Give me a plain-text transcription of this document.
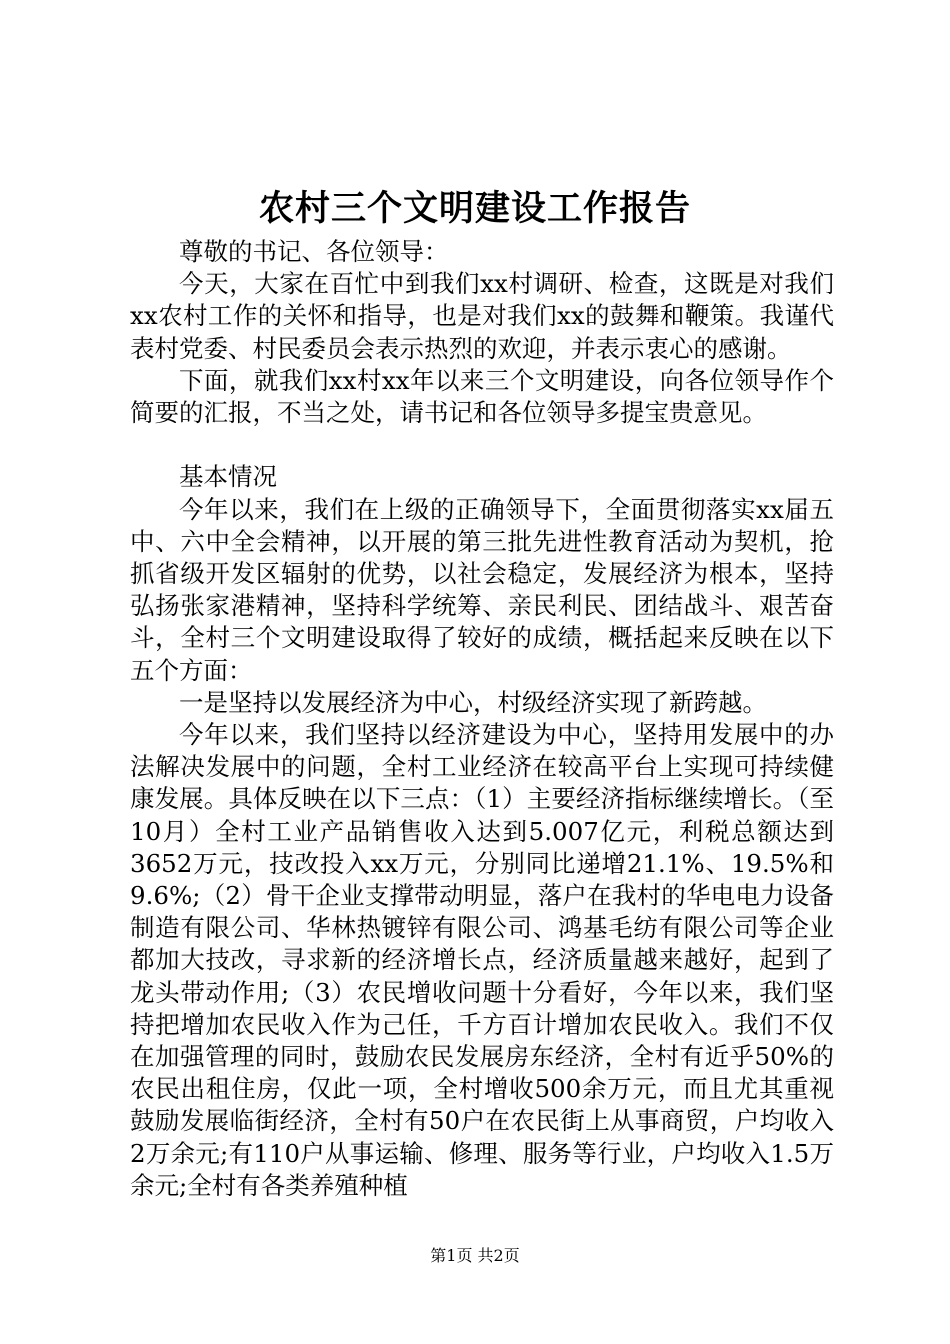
农村三个文明建设工作报告

尊敬的书记、各位领导：

今天，大家在百忙中到我们xx村调研、检查，这既是对我们xx农村工作的关怀和指导，也是对我们xx的鼓舞和鞭策。我谨代表村党委、村民委员会表示热烈的欢迎，并表示衷心的感谢。

下面，就我们xx村xx年以来三个文明建设，向各位领导作个简要的汇报，不当之处，请书记和各位领导多提宝贵意见。

基本情况

今年以来，我们在上级的正确领导下，全面贯彻落实xx届五中、六中全会精神，以开展的第三批先进性教育活动为契机，抢抓省级开发区辐射的优势，以社会稳定，发展经济为根本，坚持弘扬张家港精神，坚持科学统筹、亲民利民、团结战斗、艰苦奋斗，全村三个文明建设取得了较好的成绩，概括起来反映在以下五个方面：

一是坚持以发展经济为中心，村级经济实现了新跨越。

今年以来，我们坚持以经济建设为中心，坚持用发展中的办法解决发展中的问题，全村工业经济在较高平台上实现可持续健康发展。具体反映在以下三点：（1）主要经济指标继续增长。（至10月）全村工业产品销售收入达到5.007亿元，利税总额达到3652万元，技改投入xx万元，分别同比递增21.1%、19.5%和9.6%;（2）骨干企业支撑带动明显，落户在我村的华电电力设备制造有限公司、华林热镀锌有限公司、鸿基毛纺有限公司等企业都加大技改，寻求新的经济增长点，经济质量越来越好，起到了龙头带动作用;（3）农民增收问题十分看好，今年以来，我们坚持把增加农民收入作为己任，千方百计增加农民收入。我们不仅在加强管理的同时，鼓励农民发展房东经济，全村有近乎50%的农民出租住房，仅此一项，全村增收500余万元，而且尤其重视鼓励发展临街经济，全村有50户在农民街上从事商贸，户均收入2万余元;有110户从事运输、修理、服务等行业，户均收入1.5万余元;全村有各类养殖种植

第1页 共2页
